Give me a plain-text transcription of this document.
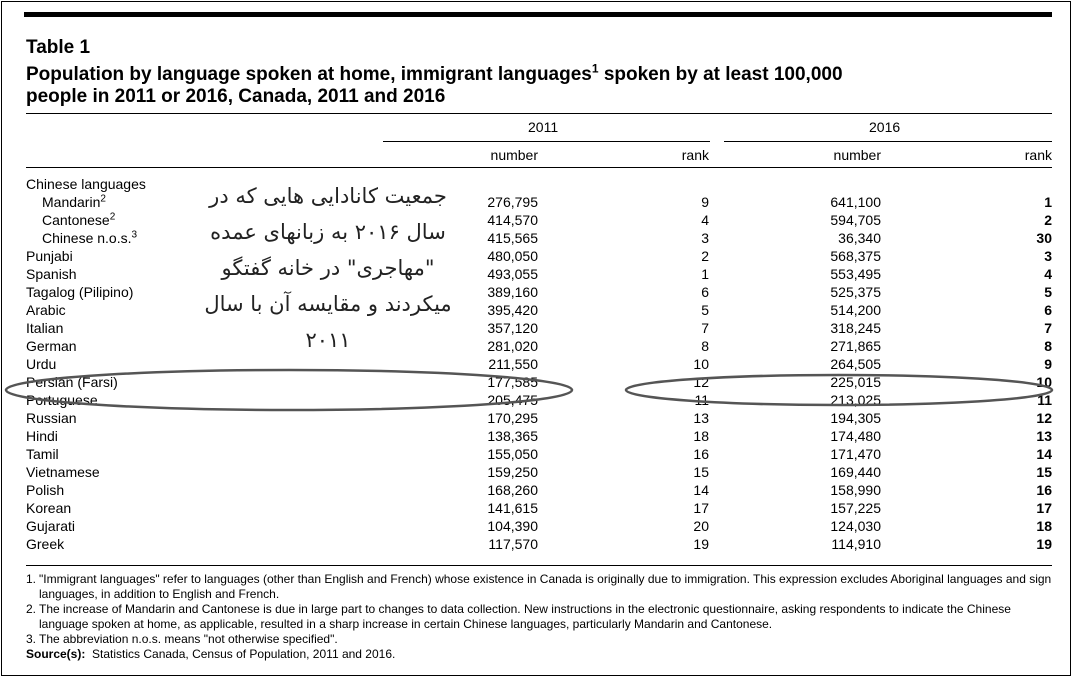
Table 1
Population by language spoken at home, immigrant languages$^1$ spoken by at least 100,000
people in 2011 or 2016, Canada, 2011 and 2016
2011	2016
number	rank	number	rank
Chinese languages
Mandarin$^2$	276,795	9	641,100	1
Cantonese$^2$	414,570	4	594,705	2
Chinese n.o.s.$^3$	415,565	3	36,340	30
Punjabi	480,050	2	568,375	3
Spanish	493,055	1	553,495	4
Tagalog (Pilipino)	389,160	6	525,375	5
Arabic	395,420	5	514,200	6
Italian	357,120	7	318,245	7
German	281,020	8	271,865	8
Urdu	211,550	10	264,505	9
Persian (Farsi)	177,585	12	225,015	10
Portuguese	205,475	11	213,025	11
Russian	170,295	13	194,305	12
Hindi	138,365	18	174,480	13
Tamil	155,050	16	171,470	14
Vietnamese	159,250	15	169,440	15
Polish	168,260	14	158,990	16
Korean	141,615	17	157,225	17
Gujarati	104,390	20	124,030	18
Greek	117,570	19	114,910	19
جمعیت کانادایی هایی که در
سال ۲۰۱۶ به زبانهای عمده
"مهاجری" در خانه گفتگو
میکردند و مقایسه آن با سال
۲۰۱۱
1. "Immigrant languages" refer to languages (other than English and French) whose existence in Canada is originally due to immigration. This expression excludes Aboriginal languages and sign languages, in addition to English and French.
2. The increase of Mandarin and Cantonese is due in large part to changes to data collection. New instructions in the electronic questionnaire, asking respondents to indicate the Chinese language spoken at home, as applicable, resulted in a sharp increase in certain Chinese languages, particularly Mandarin and Cantonese.
3. The abbreviation n.o.s. means "not otherwise specified".
Source(s): Statistics Canada, Census of Population, 2011 and 2016.
